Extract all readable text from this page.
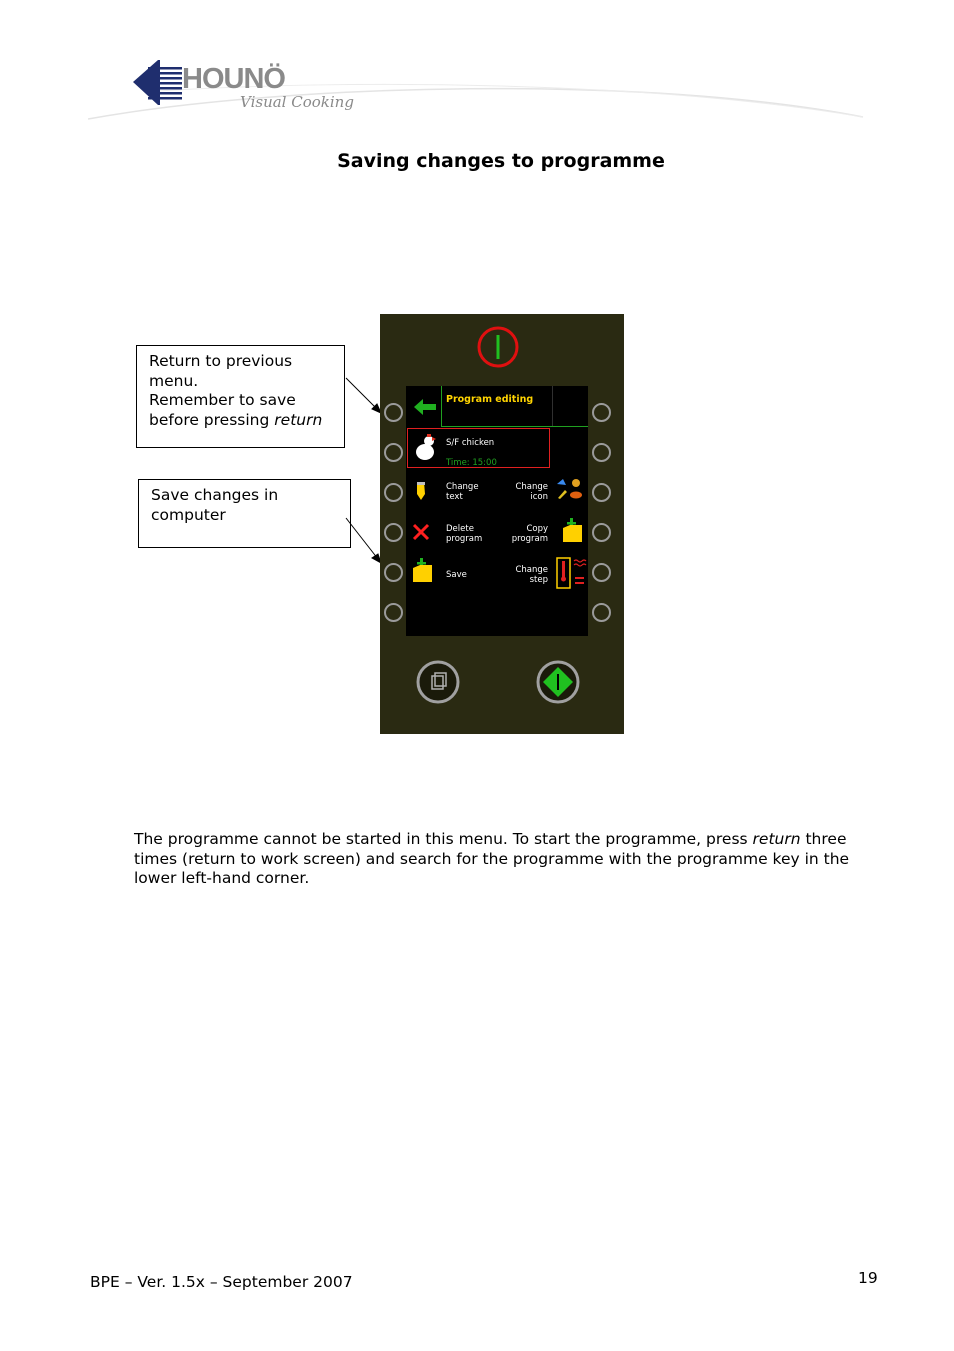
HOUNÖ
Visual Cooking
Saving changes to programme
Return to previous menu.
Remember to save before pressing return
Save changes in computer
Program editing
S/F chicken
Time: 15:00
Change text
Change icon
Delete program
Copy program
Save	Change step
The programme cannot be started in this menu. To start the programme, press return three times (return to work screen) and search for the programme with the programme key in the lower left-hand corner.
BPE – Ver. 1.5x – September 2007	19
